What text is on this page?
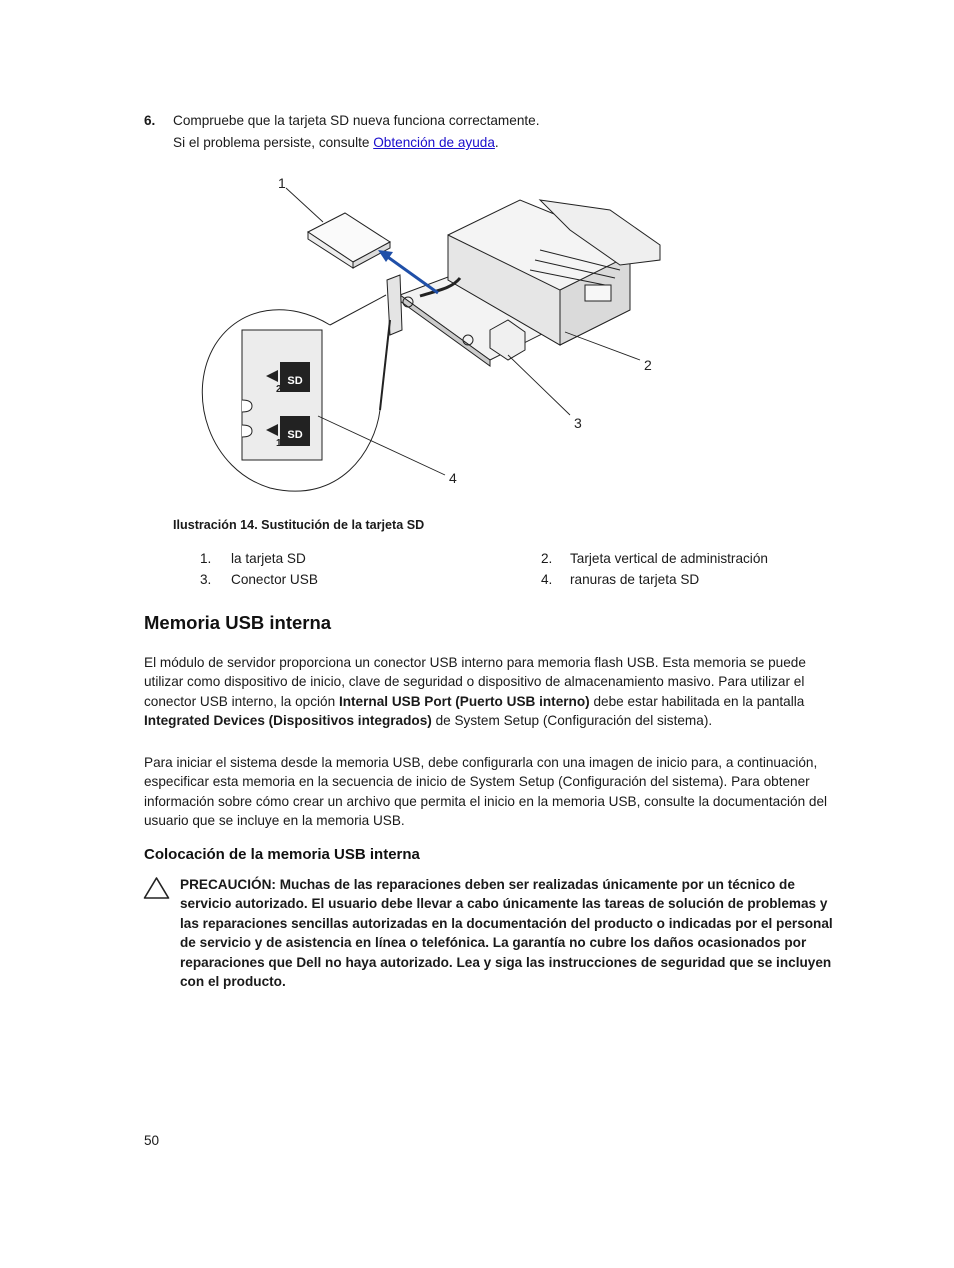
6. Compruebe que la tarjeta SD nueva funciona correctamente.
Si el problema persiste, consulte Obtención de ayuda.
SD
SD
2
1
1
2
3
4
Ilustración 14. Sustitución de la tarjeta SD
1. la tarjeta SD	2. Tarjeta vertical de administración
3. Conector USB	4. ranuras de tarjeta SD
Memoria USB interna
El módulo de servidor proporciona un conector USB interno para memoria flash USB. Esta memoria se puede utilizar como dispositivo de inicio, clave de seguridad o dispositivo de almacenamiento masivo. Para utilizar el conector USB interno, la opción Internal USB Port (Puerto USB interno) debe estar habilitada en la pantalla Integrated Devices (Dispositivos integrados) de System Setup (Configuración del sistema).
Para iniciar el sistema desde la memoria USB, debe configurarla con una imagen de inicio para, a continuación, especificar esta memoria en la secuencia de inicio de System Setup (Configuración del sistema). Para obtener información sobre cómo crear un archivo que permita el inicio en la memoria USB, consulte la documentación del usuario que se incluye en la memoria USB.
Colocación de la memoria USB interna
PRECAUCIÓN: Muchas de las reparaciones deben ser realizadas únicamente por un técnico de servicio autorizado. El usuario debe llevar a cabo únicamente las tareas de solución de problemas y las reparaciones sencillas autorizadas en la documentación del producto o indicadas por el personal de servicio y de asistencia en línea o telefónica. La garantía no cubre los daños ocasionados por reparaciones que Dell no haya autorizado. Lea y siga las instrucciones de seguridad que se incluyen con el producto.
50
